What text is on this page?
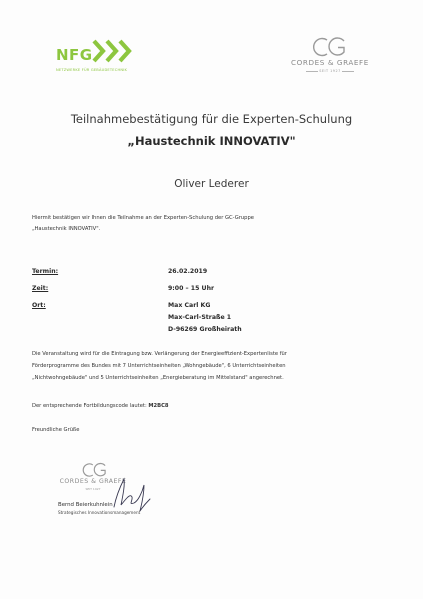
NFG
NETZWERKE FÜR GEBÄUDETECHNIK
CORDES & GRAEFE
SEIT 1927
Teilnahmebestätigung für die Experten-Schulung
„Haustechnik INNOVATIV"
Oliver Lederer
Hiermit bestätigen wir Ihnen die Teilnahme an der Experten-Schulung der GC-Gruppe
„Haustechnik INNOVATIV".
Termin:	26.02.2019
Zeit:	9:00 – 15 Uhr
Ort:	Max Carl KG
Max-Carl-Straße 1
D-96269 Großheirath
Die Veranstaltung wird für die Eintragung bzw. Verlängerung der Energieeffizient-Expertenliste für
Förderprogramme des Bundes mit 7 Unterrichtseinheiten „Wohngebäude", 6 Unterrichtseinheiten
„Nichtwohngebäude" und 5 Unterrichtseinheiten „Energieberatung im Mittelstand" angerechnet.
Der entsprechende Fortbildungscode lautet: M2BC8
Freundliche Grüße
CORDES & GRAEFE
SEIT 1927
Bernd Beierkuhnlein
Strategisches Innovationsmanagement
